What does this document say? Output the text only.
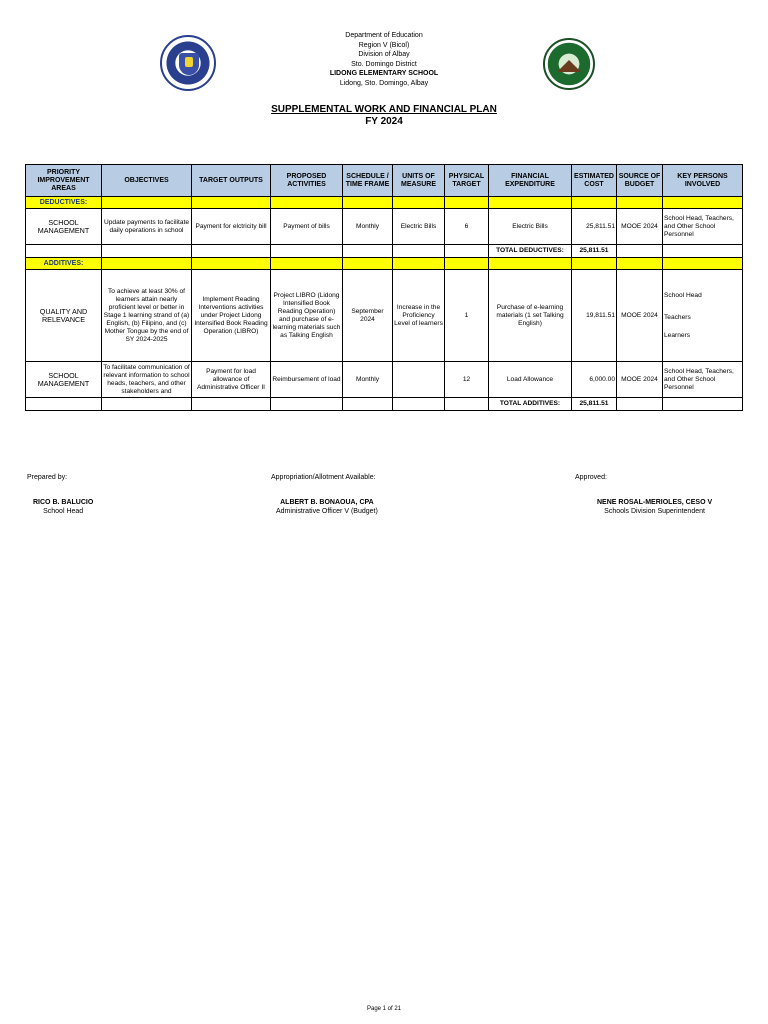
Department of Education
Region V (Bicol)
Division of Albay
Sto. Domingo District
LIDONG ELEMENTARY SCHOOL
Lidong, Sto. Domingo, Albay
SUPPLEMENTAL WORK AND FINANCIAL PLAN
FY 2024
PRIORITY IMPROVEMENT AREAS	OBJECTIVES	TARGET OUTPUTS	PROPOSED ACTIVITIES	SCHEDULE / TIME FRAME	UNITS OF MEASURE	PHYSICAL TARGET	FINANCIAL EXPENDITURE	ESTIMATED COST	SOURCE OF BUDGET	KEY PERSONS INVOLVED
DEDUCTIVES:										
SCHOOL MANAGEMENT	Update payments to facilitate daily operations in school	Payment for elctricity bill	Payment of bills	Monthly	Electric Bills	6	Electric Bills	25,811.51	MOOE 2024	School Head, Teachers, and Other School Personnel
							TOTAL DEDUCTIVES:	25,811.51		
ADDITIVES:										
QUALITY AND RELEVANCE	To achieve at least 30% of learners attain nearly proficient level or better in Stage 1 learning strand of (a) English, (b) Filipino, and (c) Mother Tongue by the end of SY 2024-2025	Implement Reading Interventions activities under Project Lidong Intensified Book Reading Operation (LIBRO)	Project LIBRO (Lidong Intensified Book Reading Operation) and purchase of e-learning materials such as Talking English	September 2024	Increase in the Proficiency Level of learners	1	Purchase of e-learning materials (1 set Talking English)	19,811.51	MOOE 2024	School Head
Teachers
Learners

SCHOOL MANAGEMENT	To facilitate communication of relevant information to school heads, teachers, and other stakeholders and	Payment for load allowance of Administrative Officer II	Reimbursement of load	Monthly		12	Load Allowance	6,000.00	MOOE 2024	School Head, Teachers, and Other School Personnel
							TOTAL ADDITIVES:	25,811.51		
Prepared by:	Appropriation/Allotment Available:	Approved:
RICO B. BALUCIO
School Head
ALBERT B. BONAOUA, CPA
Administrative Officer V (Budget)
NENE ROSAL-MERIOLES, CESO V
Schools Division Superintendent
Page 1 of 21
